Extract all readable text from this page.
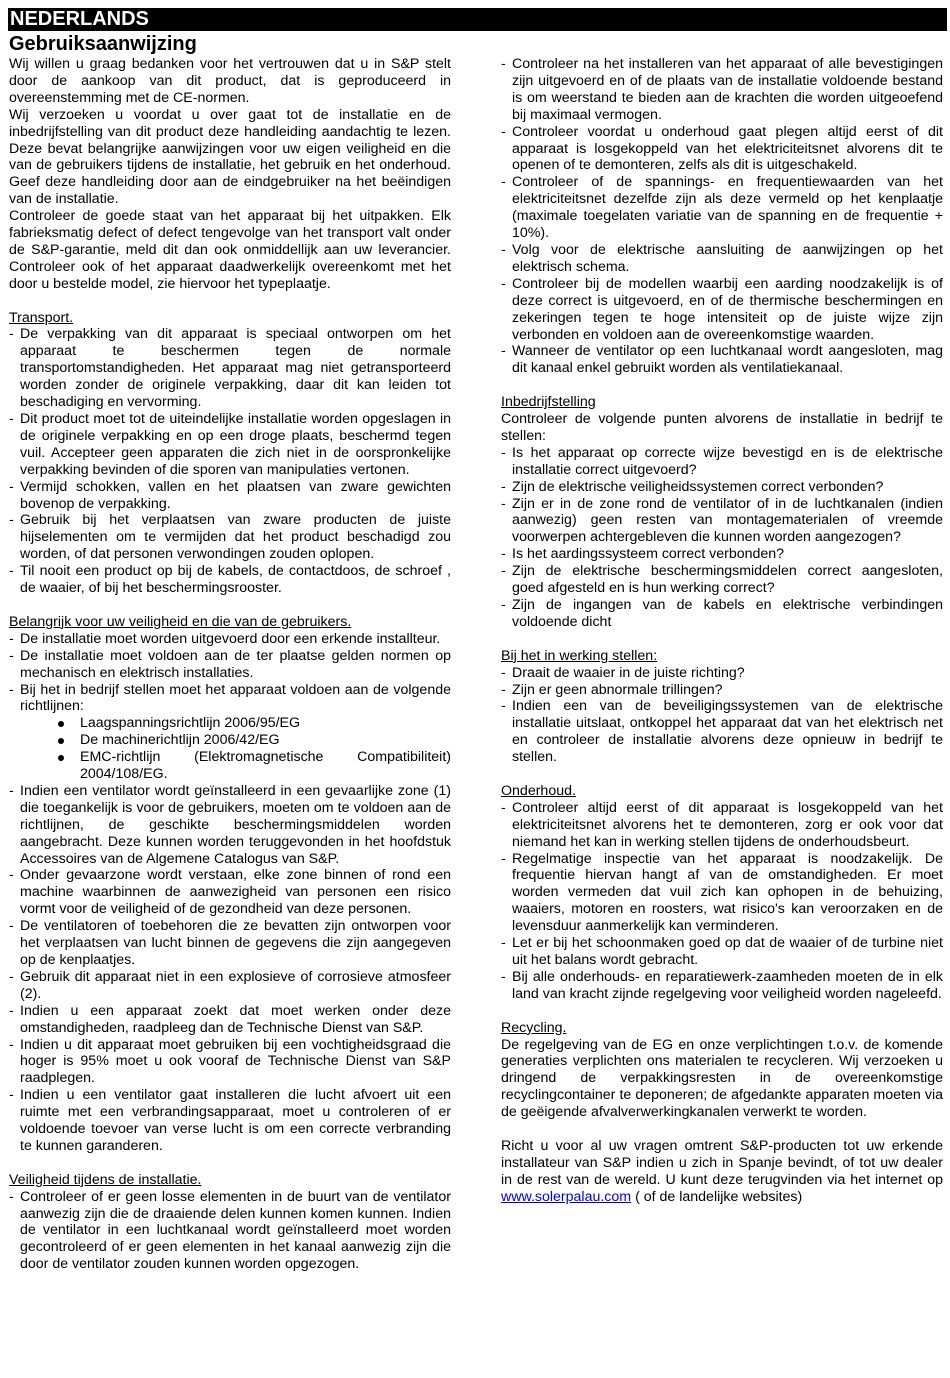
NEDERLANDS
Gebruiksaanwijzing

Wij willen u graag bedanken voor het vertrouwen dat u in S&P stelt door de aankoop van dit product, dat is geproduceerd in overeenstemming met de CE-normen.

Wij verzoeken u voordat u over gaat tot de installatie en de inbedrijfstelling van dit product deze handleiding aandachtig te lezen. Deze bevat belangrijke aanwijzingen voor uw eigen veiligheid en die van de gebruikers tijdens de installatie, het gebruik en het onderhoud. Geef deze handleiding door aan de eindgebruiker na het beëindigen van de installatie.

Controleer de goede staat van het apparaat bij het uitpakken. Elk fabrieksmatig defect of defect tengevolge van het transport valt onder de S&P-garantie, meld dit dan ook onmiddellijk aan uw leverancier. Controleer ook of het apparaat daadwerkelijk overeenkomt met het door u bestelde model, zie hiervoor het typeplaatje.

Transport.

- De verpakking van dit apparaat is speciaal ontworpen om het apparaat te beschermen tegen de normale transportomstandigheden. Het apparaat mag niet getransporteerd worden zonder de originele verpakking, daar dit kan leiden tot beschadiging en vervorming.
- Dit product moet tot de uiteindelijke installatie worden opgeslagen in de originele verpakking en op een droge plaats, beschermd tegen vuil. Accepteer geen apparaten die zich niet in de oorspronkelijke verpakking bevinden of die sporen van manipulaties vertonen.
- Vermijd schokken, vallen en het plaatsen van zware gewichten bovenop de verpakking.
- Gebruik bij het verplaatsen van zware producten de juiste hijselementen om te vermijden dat het product beschadigd zou worden, of dat personen verwondingen zouden oplopen.
- Til nooit een product op bij de kabels, de contactdoos, de schroef , de waaier, of bij het beschermingsrooster.

Belangrijk voor uw veiligheid en die van de gebruikers.

- De installatie moet worden uitgevoerd door een erkende installteur.
- De installatie moet voldoen aan de ter plaatse gelden normen op mechanisch en elektrisch installaties.
- Bij het in bedrijf stellen moet het apparaat voldoen aan de volgende richtlijnen:
Laagspanningsrichtlijn 2006/95/EG
De machinerichtlijn 2006/42/EG
EMC-richtlijn (Elektromagnetische Compatibiliteit) 2004/108/EG.
- Indien een ventilator wordt geïnstalleerd in een gevaarlijke zone (1) die toegankelijk is voor de gebruikers, moeten om te voldoen aan de richtlijnen, de geschikte beschermingsmiddelen worden aangebracht. Deze kunnen worden teruggevonden in het hoofdstuk Accessoires van de Algemene Catalogus van S&P.
- Onder gevaarzone wordt verstaan, elke zone binnen of rond een machine waarbinnen de aanwezigheid van personen een risico vormt voor de veiligheid of de gezondheid van deze personen.
- De ventilatoren of toebehoren die ze bevatten zijn ontworpen voor het verplaatsen van lucht binnen de gegevens die zijn aangegeven op de kenplaatjes.
- Gebruik dit apparaat niet in een explosieve of corrosieve atmosfeer (2).
- Indien u een apparaat zoekt dat moet werken onder deze omstandigheden, raadpleeg dan de Technische Dienst van S&P.
- Indien u dit apparaat moet gebruiken bij een vochtigheidsgraad die hoger is 95% moet u ook vooraf de Technische Dienst van S&P raadplegen.
- Indien u een ventilator gaat installeren die lucht afvoert uit een ruimte met een verbrandingsapparaat, moet u controleren of er voldoende toevoer van verse lucht is om een correcte verbranding te kunnen garanderen.

Veiligheid tijdens de installatie.

- Controleer of er geen losse elementen in de buurt van de ventilator aanwezig zijn die de draaiende delen kunnen komen kunnen. Indien de ventilator in een luchtkanaal wordt geïnstalleerd moet worden gecontroleerd of er geen elementen in het kanaal aanwezig zijn die door de ventilator zouden kunnen worden opgezogen.
- Controleer na het installeren van het apparaat of alle bevestigingen zijn uitgevoerd en of de plaats van de installatie voldoende bestand is om weerstand te bieden aan de krachten die worden uitgeoefend bij maximaal vermogen.
- Controleer voordat u onderhoud gaat plegen altijd eerst of dit apparaat is losgekoppeld van het elektriciteitsnet alvorens dit te openen of te demonteren, zelfs als dit is uitgeschakeld.
- Controleer of de spannings- en frequentiewaarden van het elektriciteitsnet dezelfde zijn als deze vermeld op het kenplaatje (maximale toegelaten variatie van de spanning en de frequentie + 10%).
- Volg voor de elektrische aansluiting de aanwijzingen op het elektrisch schema.
- Controleer bij de modellen waarbij een aarding noodzakelijk is of deze correct is uitgevoerd, en of de thermische beschermingen en zekeringen tegen te hoge intensiteit op de juiste wijze zijn verbonden en voldoen aan de overeenkomstige waarden.
- Wanneer de ventilator op een luchtkanaal wordt aangesloten, mag dit kanaal enkel gebruikt worden als ventilatiekanaal.

Inbedrijfstelling

Controleer de volgende punten alvorens de installatie in bedrijf te stellen:

- Is het apparaat op correcte wijze bevestigd en is de elektrische installatie correct uitgevoerd?
- Zijn de elektrische veiligheidssystemen correct verbonden?
- Zijn er in de zone rond de ventilator of in de luchtkanalen (indien aanwezig) geen resten van montagematerialen of vreemde voorwerpen achtergebleven die kunnen worden aangezogen?
- Is het aardingssysteem correct verbonden?
- Zijn de elektrische beschermingsmiddelen correct aangesloten, goed afgesteld en is hun werking correct?
- Zijn de ingangen van de kabels en elektrische verbindingen voldoende dicht

Bij het in werking stellen:

- Draait de waaier in de juiste richting?
- Zijn er geen abnormale trillingen?
- Indien een van de beveiligingssystemen van de elektrische installatie uitslaat, ontkoppel het apparaat dat van het elektrisch net en controleer de installatie alvorens deze opnieuw in bedrijf te stellen.

Onderhoud.

- Controleer altijd eerst of dit apparaat is losgekoppeld van het elektriciteitsnet alvorens het te demonteren, zorg er ook voor dat niemand het kan in werking stellen tijdens de onderhoudsbeurt.
- Regelmatige inspectie van het apparaat is noodzakelijk. De frequentie hiervan hangt af van de omstandigheden. Er moet worden vermeden dat vuil zich kan ophopen in de behuizing, waaiers, motoren en roosters, wat risico's kan veroorzaken en de levensduur aanmerkelijk kan verminderen.
- Let er bij het schoonmaken goed op dat de waaier of de turbine niet uit het balans wordt gebracht.
- Bij alle onderhouds- en reparatiewerk-zaamheden moeten de in elk land van kracht zijnde regelgeving voor veiligheid worden nageleefd.

Recycling.

De regelgeving van de EG en onze verplichtingen t.o.v. de komende generaties verplichten ons materialen te recycleren. Wij verzoeken u dringend de verpakkingsresten in de overeenkomstige recyclingcontainer te deponeren; de afgedankte apparaten moeten via de geëigende afvalverwerkingkanalen verwerkt te worden.

Richt u voor al uw vragen omtrent S&P-producten tot uw erkende installateur van S&P indien u zich in Spanje bevindt, of tot uw dealer in de rest van de wereld. U kunt deze terugvinden via het internet op www.solerpalau.com ( of de landelijke websites)
